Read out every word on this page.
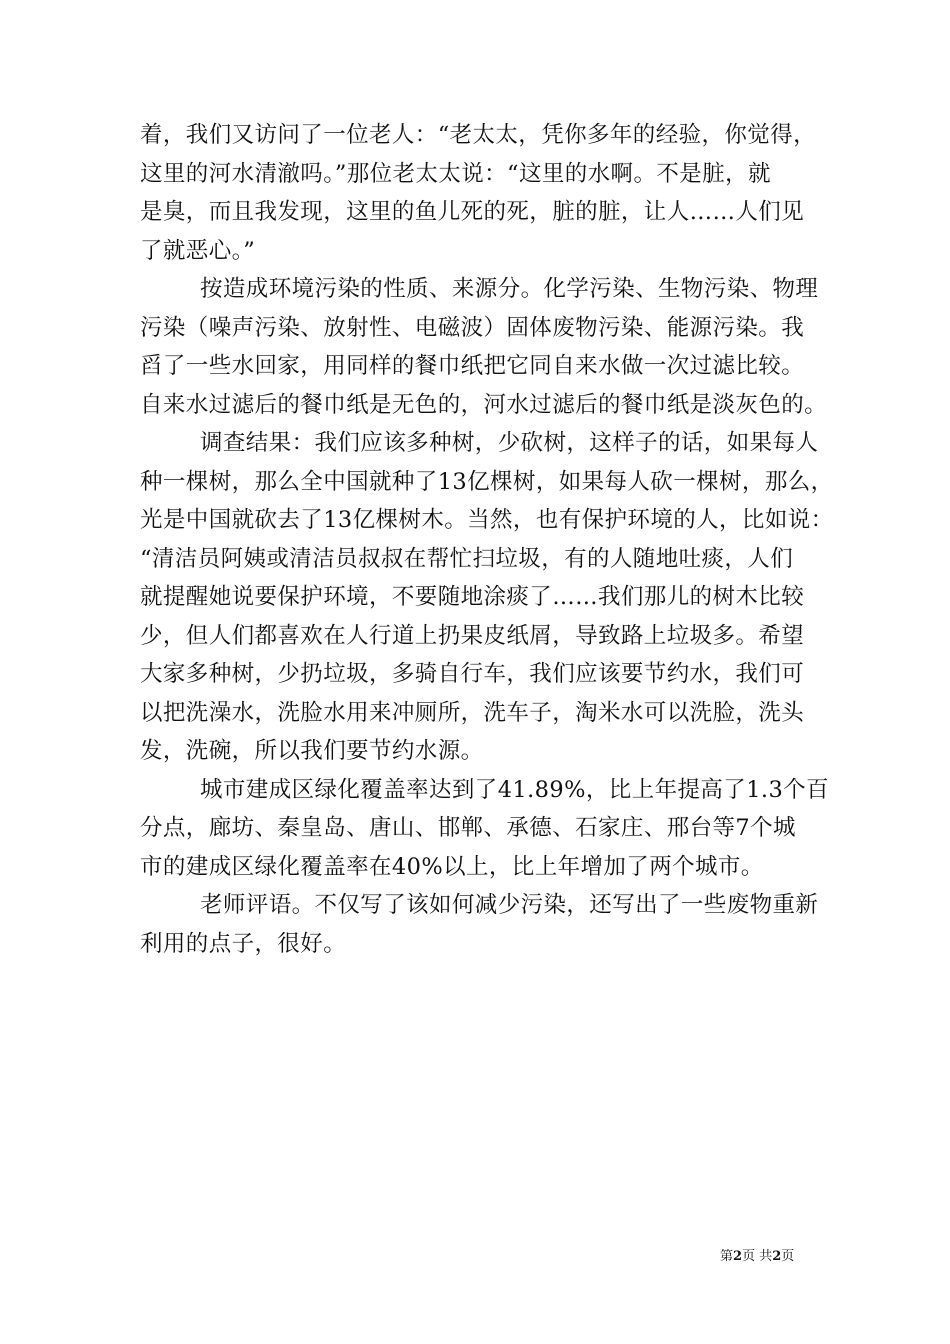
着，我们又访问了一位老人：“老太太，凭你多年的经验，你觉得，
这里的河水清澈吗。”那位老太太说：“这里的水啊。不是脏，就
是臭，而且我发现，这里的鱼儿死的死，脏的脏，让人……人们见
了就恶心。”
按造成环境污染的性质、来源分。化学污染、生物污染、物理
污染（噪声污染、放射性、电磁波）固体废物污染、能源污染。我
舀了一些水回家，用同样的餐巾纸把它同自来水做一次过滤比较。
自来水过滤后的餐巾纸是无色的，河水过滤后的餐巾纸是淡灰色的。
调查结果：我们应该多种树，少砍树，这样子的话，如果每人
种一棵树，那么全中国就种了13亿棵树，如果每人砍一棵树，那么，
光是中国就砍去了13亿棵树木。当然，也有保护环境的人，比如说：
“清洁员阿姨或清洁员叔叔在帮忙扫垃圾，有的人随地吐痰，人们
就提醒她说要保护环境，不要随地涂痰了……我们那儿的树木比较
少，但人们都喜欢在人行道上扔果皮纸屑，导致路上垃圾多。希望
大家多种树，少扔垃圾，多骑自行车，我们应该要节约水，我们可
以把洗澡水，洗脸水用来冲厕所，洗车子，淘米水可以洗脸，洗头
发，洗碗，所以我们要节约水源。
城市建成区绿化覆盖率达到了41.89%，比上年提高了1.3个百
分点，廊坊、秦皇岛、唐山、邯郸、承德、石家庄、邢台等7个城
市的建成区绿化覆盖率在40%以上，比上年增加了两个城市。
老师评语。不仅写了该如何减少污染，还写出了一些废物重新
利用的点子，很好。
第2页 共2页
